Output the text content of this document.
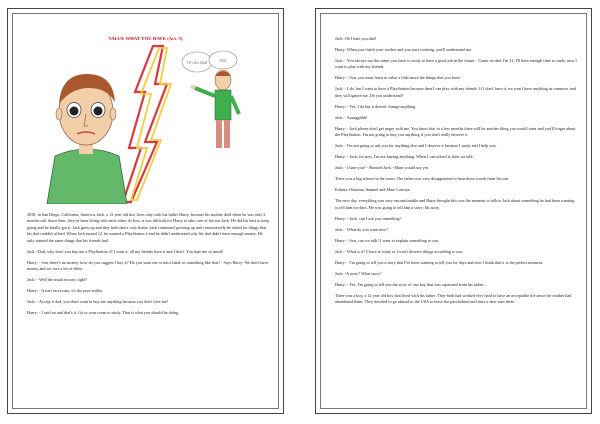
VALUE WHAT YOU HAVE (Act. 5)
I'm so sad	No!

2058, in San Diego, California, America, Jack, a 12 year old kid, lives only with his father Harry, because his mother died when he was only 2 months old. Since then, they've been living with each other. At first, it was difficult for Harry to take care of his son Jack. He did his best to keep going and he finally got it. Jack grew up and they both had a cosy home. Jack continued growing up and consecutively he asked for things that his dad couldn't afford. When Jack turned 12, he wanted a PlayStation 4 and he didn't understand why his dad didn't have enough money. He only wanted the same things that his friends had.

Jack: -Dad, why don't you buy me a PlayStation 4? I want it, all my friends have it and I don't. You hate me so much!

Harry: - Son, there's no money, how do you suggest I buy it? Do you want me to rob a bank or something like that? - Says Harry- We don't have money and we owe a lot of debts.

Jack: - Well the usual excuse, right?

Harry: - It isn't an excuse, it's the pure reality.

Jack: - Accept it dad, you don't want to buy me anything because you don't love me!

Harry: - I said no and that's it. Go to your room to study. That is what you should be doing.

Jack: Oh I hate you dad!

Harry: When you finish your studies and you start working, you'll understand me.

Jack: - You always say the same; you have to study to have a good job in the future... Come on dad, I'm 12, I'll have enough time to study, now I want to play with my friends.

Harry: - Son, you must learn to value a little more the things that you have.

Jack: - I do, but I want to have a PlayStation because then I can play with my friends. If I don't have it, we won't have anything in common, and they will ignore me. Do you understand?

Harry: - Yes, I do but it doesn't change anything.

Jack: - Aaaagghhh!

Harry: - Jack please don't get angry with me. You know that in a few months there will be another thing you would want and you'll forget about the PlayStation. I'm not going to buy you anything if you don't really deserve it.

Jack: - I'm not going to ask you for anything else and I deserve it because I study and I help you.

Harry: - Jack, for now, I'm not buying anything. When I can afford it, then we talk.

Jack: - I hate you! - Shouted Jack - Mum would say yes.

There was a big silence in the room. The father was very disappointed to hear those words from his son.

Erdaitz, Omaima, Samuel and Marc Larroya

The next day, everything was very uncomfortable and Harry thought this was the moment to talk to Jack about something he had been wanting to tell him for days. He was going to tell him a story: his story.

Harry: - Jack, can I ask you something?

Jack: - What do you want now?

Harry: - Son, can we talk? I want to explain something to you.

Jack: - What is it? I have to study or I won't deserve things according to you.

Harry: - I'm going to tell you a story that I've been wanting to tell you for days and now I think that it is the perfect moment.

Jack: -A story? What story?

Harry: - Yes. I'm going to tell you the story of one boy that was separated from his father...

There was a boy, a 12 year old boy that lived with his father. They both had worked very hard to have an acceptable life since the mother had abandoned them. They decided to go abroad to the USA to leave the past behind and have a new start there.
